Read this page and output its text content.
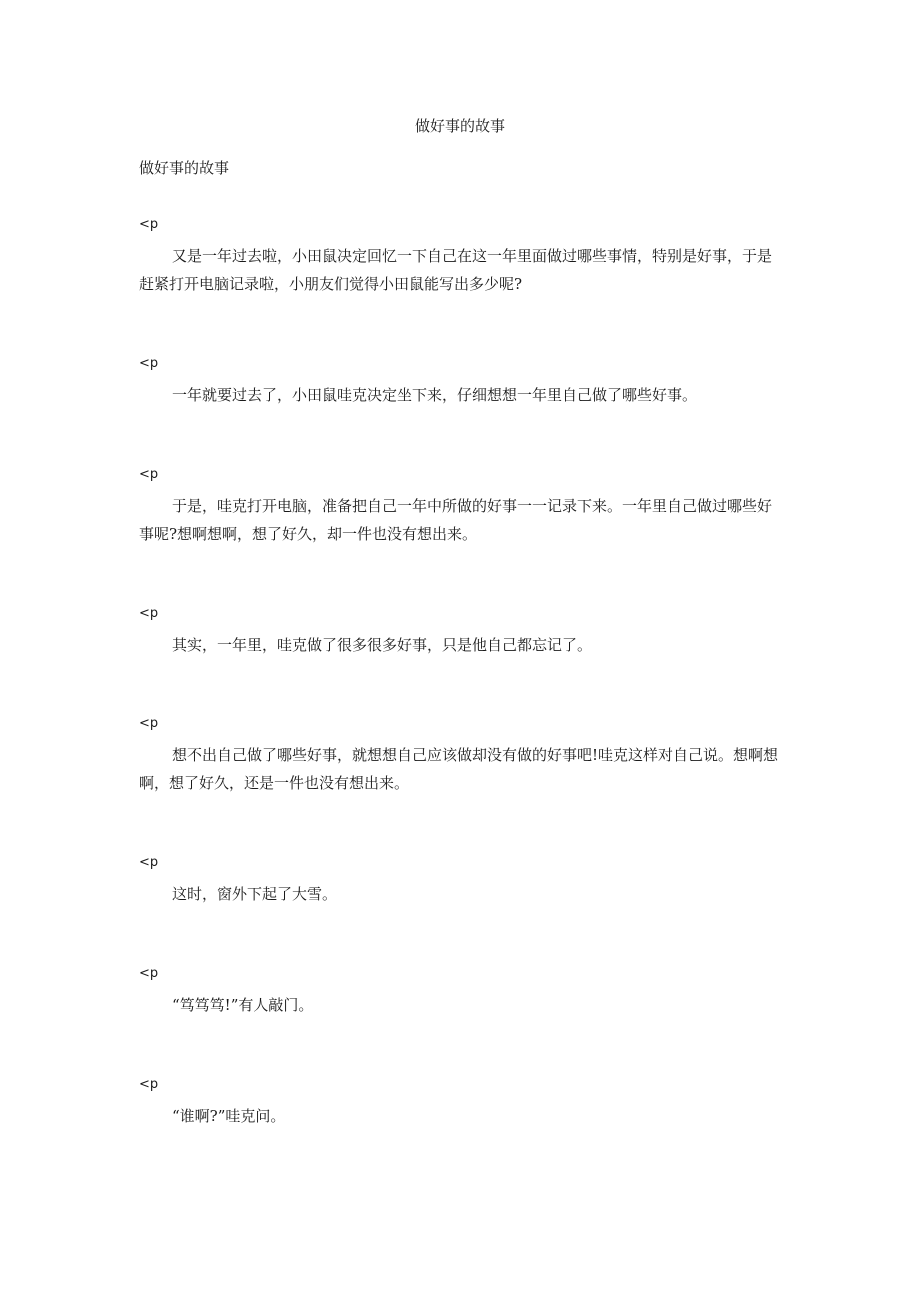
做好事的故事
做好事的故事
<p

又是一年过去啦，小田鼠决定回忆一下自己在这一年里面做过哪些事情，特别是好事，于是赶紧打开电脑记录啦，小朋友们觉得小田鼠能写出多少呢?

<p

一年就要过去了，小田鼠哇克决定坐下来，仔细想想一年里自己做了哪些好事。

<p

于是，哇克打开电脑，准备把自己一年中所做的好事一一记录下来。一年里自己做过哪些好事呢?想啊想啊，想了好久，却一件也没有想出来。

<p

其实，一年里，哇克做了很多很多好事，只是他自己都忘记了。

<p

想不出自己做了哪些好事，就想想自己应该做却没有做的好事吧!哇克这样对自己说。想啊想啊，想了好久，还是一件也没有想出来。

<p

这时，窗外下起了大雪。

<p

“笃笃笃!”有人敲门。

<p

“谁啊?”哇克问。
